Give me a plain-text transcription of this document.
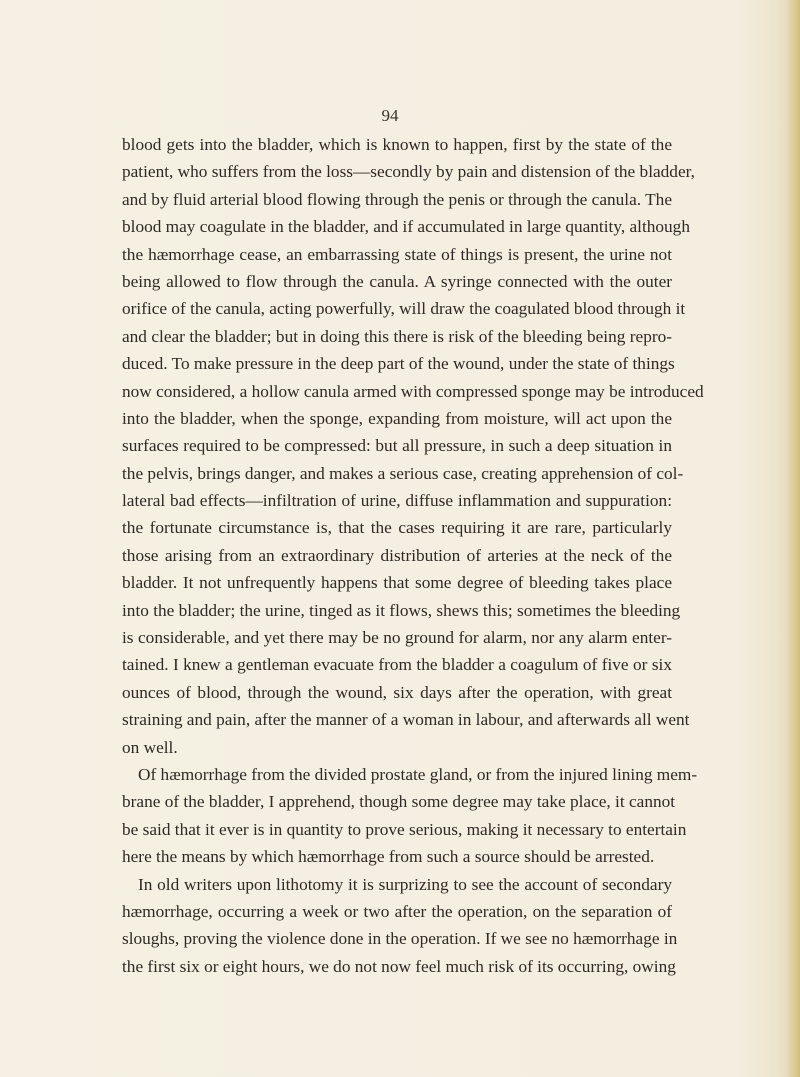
94
blood gets into the bladder, which is known to happen, first by the state of the
patient, who suffers from the loss—secondly by pain and distension of the bladder,
and by fluid arterial blood flowing through the penis or through the canula. The
blood may coagulate in the bladder, and if accumulated in large quantity, although
the hæmorrhage cease, an embarrassing state of things is present, the urine not
being allowed to flow through the canula. A syringe connected with the outer
orifice of the canula, acting powerfully, will draw the coagulated blood through it
and clear the bladder; but in doing this there is risk of the bleeding being repro-
duced. To make pressure in the deep part of the wound, under the state of things
now considered, a hollow canula armed with compressed sponge may be introduced
into the bladder, when the sponge, expanding from moisture, will act upon the
surfaces required to be compressed: but all pressure, in such a deep situation in
the pelvis, brings danger, and makes a serious case, creating apprehension of col-
lateral bad effects—infiltration of urine, diffuse inflammation and suppuration:
the fortunate circumstance is, that the cases requiring it are rare, particularly
those arising from an extraordinary distribution of arteries at the neck of the
bladder. It not unfrequently happens that some degree of bleeding takes place
into the bladder; the urine, tinged as it flows, shews this; sometimes the bleeding
is considerable, and yet there may be no ground for alarm, nor any alarm enter-
tained. I knew a gentleman evacuate from the bladder a coagulum of five or six
ounces of blood, through the wound, six days after the operation, with great
straining and pain, after the manner of a woman in labour, and afterwards all went
on well.
Of hæmorrhage from the divided prostate gland, or from the injured lining mem-
brane of the bladder, I apprehend, though some degree may take place, it cannot
be said that it ever is in quantity to prove serious, making it necessary to entertain
here the means by which hæmorrhage from such a source should be arrested.
In old writers upon lithotomy it is surprizing to see the account of secondary
hæmorrhage, occurring a week or two after the operation, on the separation of
sloughs, proving the violence done in the operation. If we see no hæmorrhage in
the first six or eight hours, we do not now feel much risk of its occurring, owing
